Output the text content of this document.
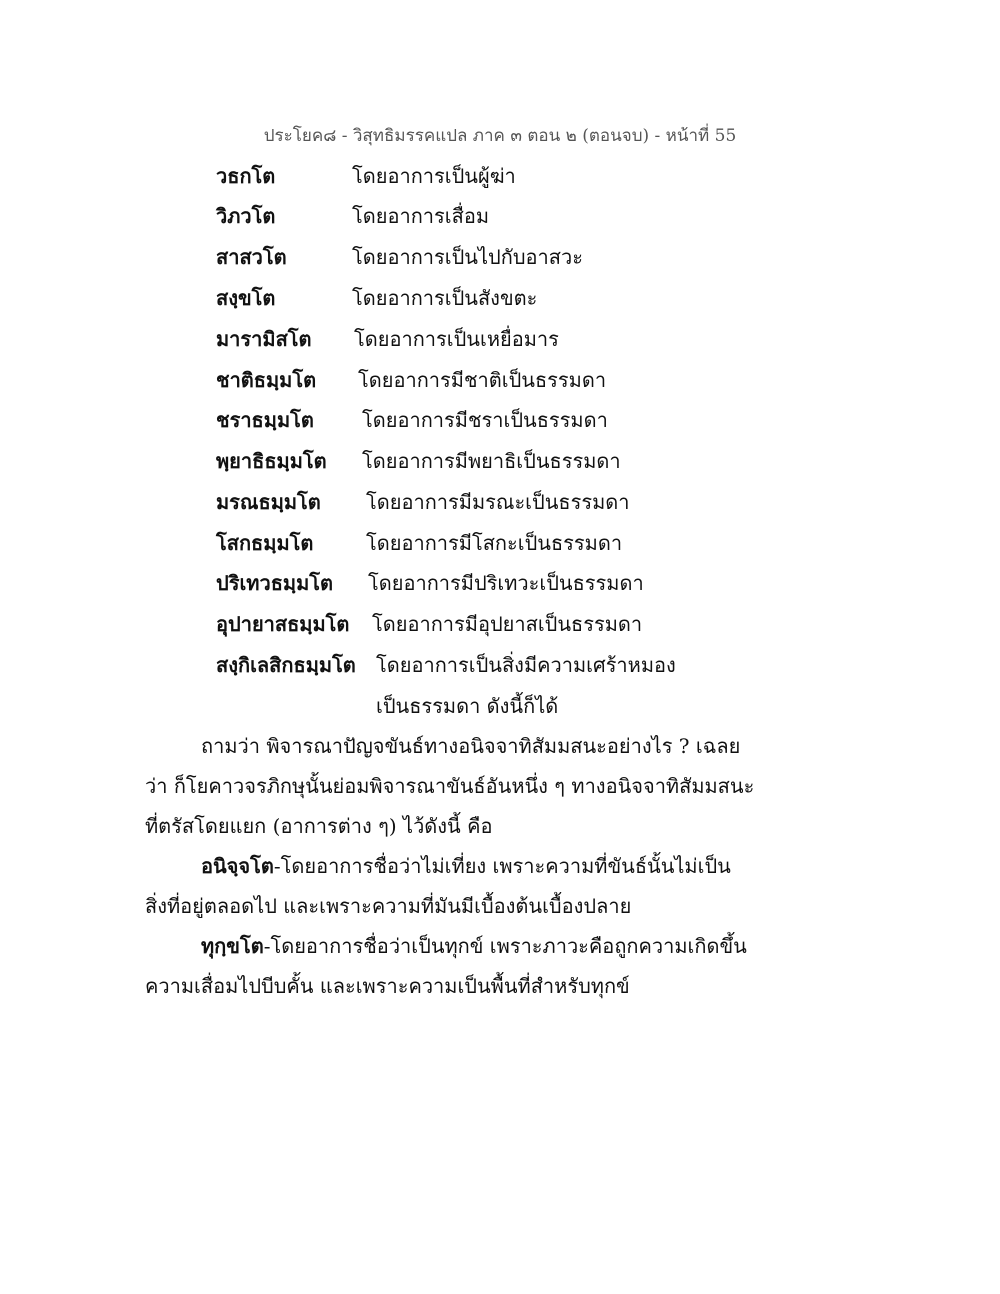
ประโยค๘ - วิสุทธิมรรคแปล ภาค ๓ ตอน ๒ (ตอนจบ) - หน้าที่ 55
วธกโต	โดยอาการเป็นผู้ฆ่า
วิภวโต	โดยอาการเสื่อม
สาสวโต	โดยอาการเป็นไปกับอาสวะ
สงฺขโต	โดยอาการเป็นสังขตะ
มารามิสโต โดยอาการเป็นเหยื่อมาร
ชาติธมฺมโต โดยอาการมีชาติเป็นธรรมดา
ชราธมฺมโต โดยอาการมีชราเป็นธรรมดา
พฺยาธิธมฺมโต โดยอาการมีพยาธิเป็นธรรมดา
มรณธมฺมโต โดยอาการมีมรณะเป็นธรรมดา
โสกธมฺมโต	โดยอาการมีโสกะเป็นธรรมดา
ปริเทวธมฺมโต โดยอาการมีปริเทวะเป็นธรรมดา
อุปายาสธมฺมโต โดยอาการมีอุปยาสเป็นธรรมดา
สงฺกิเลสิกธมฺมโต โดยอาการเป็นสิ่งมีความเศร้าหมอง
เป็นธรรมดา ดังนี้ก็ได้
ถามว่า พิจารณาปัญจขันธ์ทางอนิจจาทิสัมมสนะอย่างไร ? เฉลย
ว่า ก็โยคาวจรภิกษุนั้นย่อมพิจารณาขันธ์อันหนึ่ง ๆ ทางอนิจจาทิสัมมสนะ
ที่ตรัสโดยแยก (อาการต่าง ๆ) ไว้ดังนี้ คือ
อนิจฺจโต-โดยอาการชื่อว่าไม่เที่ยง เพราะความที่ขันธ์นั้นไม่เป็น
สิ่งที่อยู่ตลอดไป และเพราะความที่มันมีเบื้องต้นเบื้องปลาย
ทุกฺขโต-โดยอาการชื่อว่าเป็นทุกข์ เพราะภาวะคือถูกความเกิดขึ้น
ความเสื่อมไปบีบคั้น และเพราะความเป็นพื้นที่สำหรับทุกข์
